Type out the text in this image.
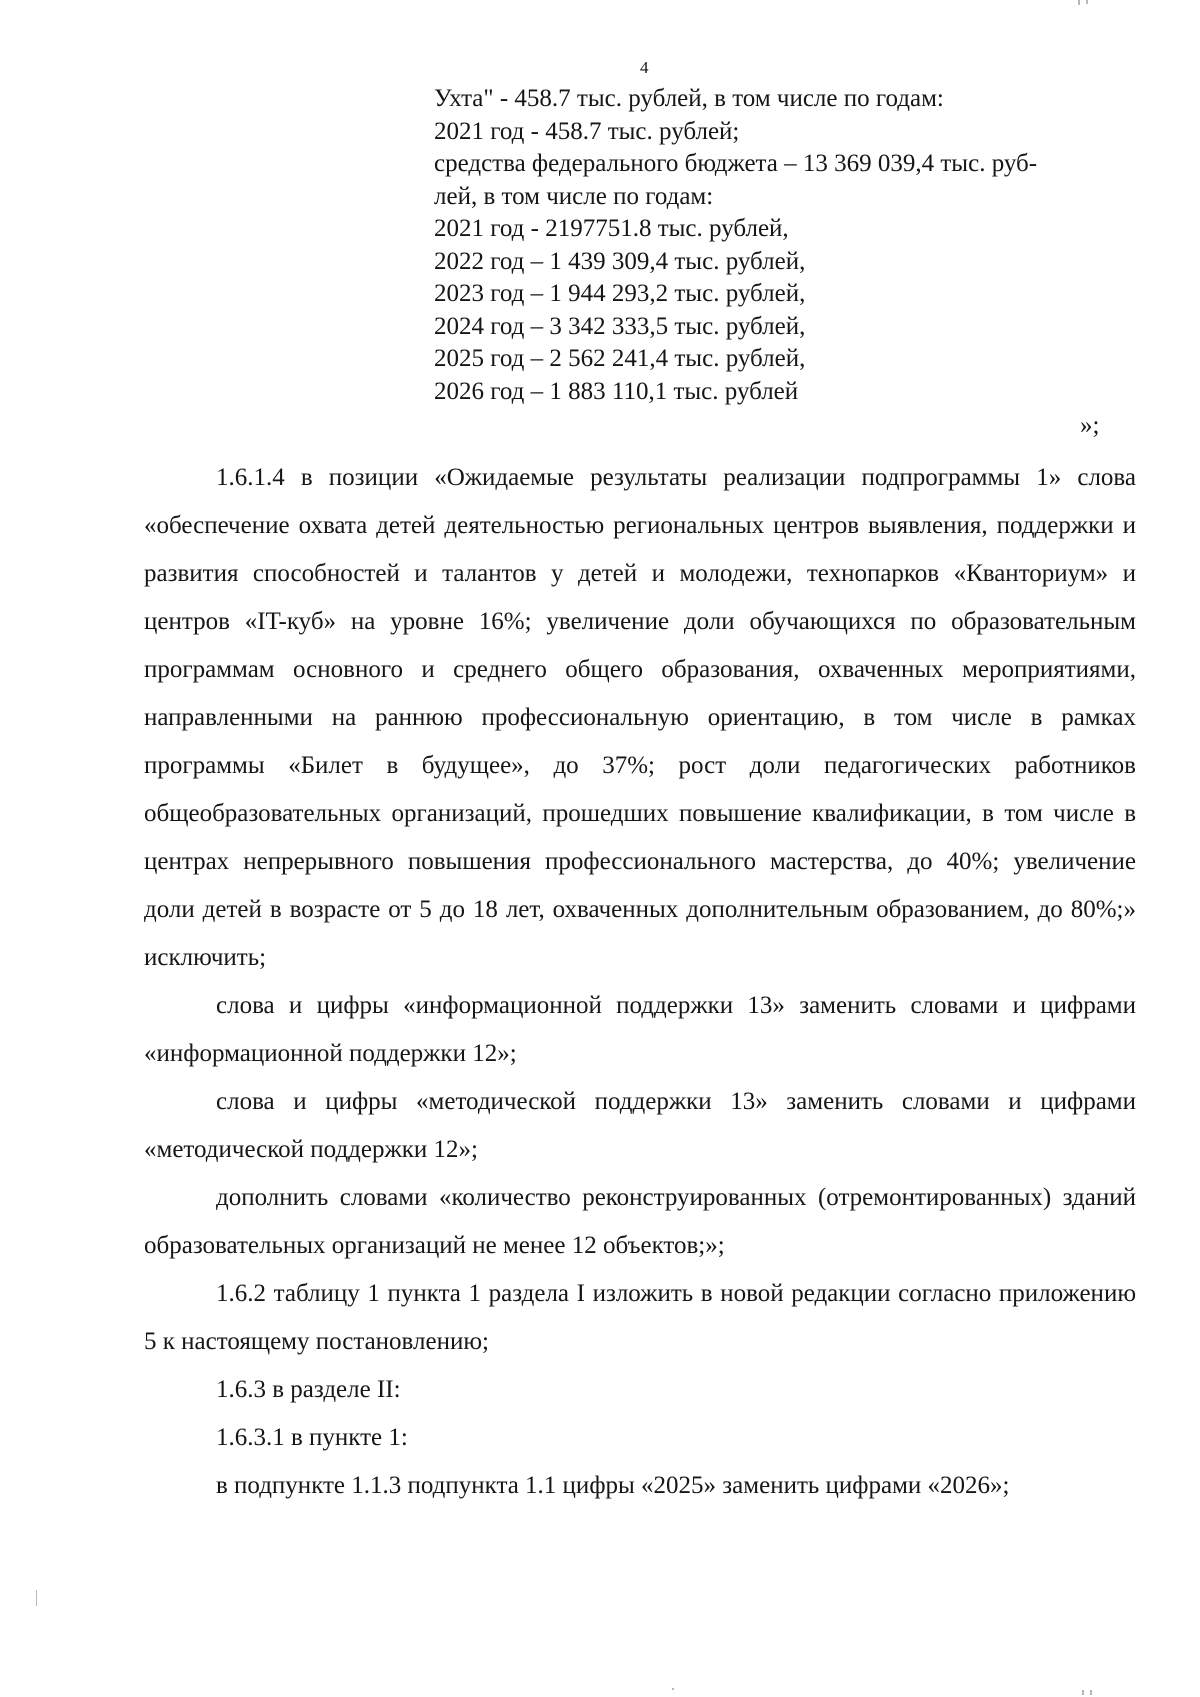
4
Ухта" - 458.7 тыс. рублей, в том числе по годам:
2021 год - 458.7 тыс. рублей;
средства федерального бюджета – 13 369 039,4 тыс. руб-
лей, в том числе по годам:
2021 год - 2197751.8 тыс. рублей,
2022 год – 1 439 309,4 тыс. рублей,
2023 год – 1 944 293,2 тыс. рублей,
2024 год – 3 342 333,5 тыс. рублей,
2025 год – 2 562 241,4 тыс. рублей,
2026 год – 1 883 110,1 тыс. рублей
»;

1.6.1.4 в позиции «Ожидаемые результаты реализации подпрограммы 1» слова «обеспечение охвата детей деятельностью региональных центров выявления, поддержки и развития способностей и талантов у детей и молодежи, технопарков «Кванториум» и центров «IT-куб» на уровне 16%; увеличение доли обучающихся по образовательным программам основного и среднего общего образования, охваченных мероприятиями, направленными на раннюю профессиональную ориентацию, в том числе в рамках программы «Билет в будущее», до 37%; рост доли педагогических работников общеобразовательных организаций, прошедших повышение квалификации, в том числе в центрах непрерывного повышения профессионального мастерства, до 40%; увеличение доли детей в возрасте от 5 до 18 лет, охваченных дополнительным образованием, до 80%;» исключить;

слова и цифры «информационной поддержки 13» заменить словами и цифрами «информационной поддержки 12»;

слова и цифры «методической поддержки 13» заменить словами и цифрами «методической поддержки 12»;

дополнить словами «количество реконструированных (отремонтированных) зданий образовательных организаций не менее 12 объектов;»;

1.6.2 таблицу 1 пункта 1 раздела I изложить в новой редакции согласно приложению 5 к настоящему постановлению;

1.6.3 в разделе II:

1.6.3.1 в пункте 1:

в подпункте 1.1.3 подпункта 1.1 цифры «2025» заменить цифрами «2026»;
